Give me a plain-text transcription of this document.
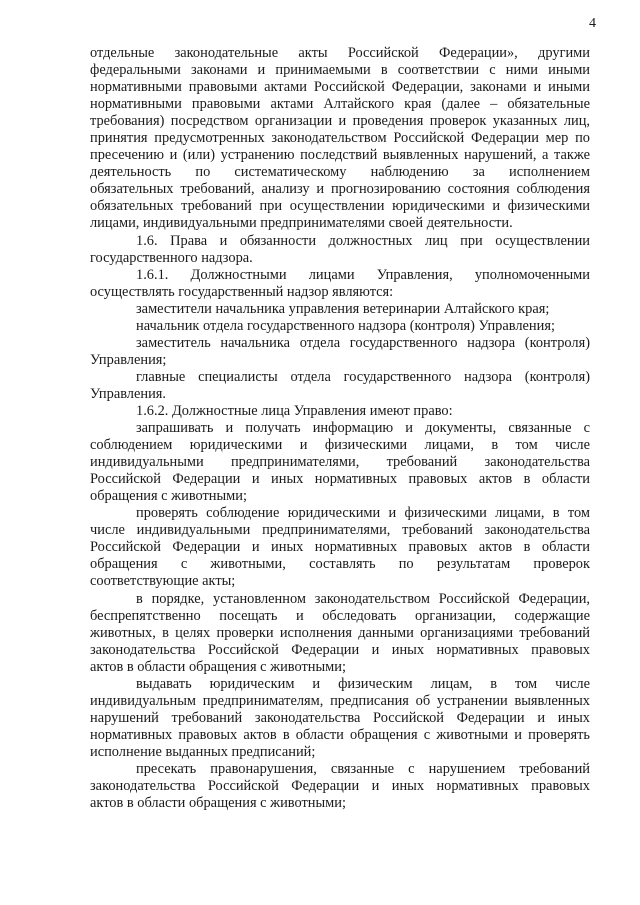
4
отдельные законодательные акты Российской Федерации», другими
федеральными законами и принимаемыми в соответствии с ними иными
нормативными правовыми актами Российской Федерации, законами и иными
нормативными правовыми актами Алтайского края (далее – обязательные
требования) посредством организации и проведения проверок указанных лиц,
принятия предусмотренных законодательством Российской Федерации мер по
пресечению и (или) устранению последствий выявленных нарушений, а также
деятельность по систематическому наблюдению за исполнением
обязательных требований, анализу и прогнозированию состояния соблюдения
обязательных требований при осуществлении юридическими и физическими
лицами, индивидуальными предпринимателями своей деятельности.
1.6. Права и обязанности должностных лиц при осуществлении
государственного надзора.
1.6.1. Должностными лицами Управления, уполномоченными
осуществлять государственный надзор являются:
заместители начальника управления ветеринарии Алтайского края;
начальник отдела государственного надзора (контроля) Управления;
заместитель начальника отдела государственного надзора (контроля)
Управления;
главные специалисты отдела государственного надзора (контроля)
Управления.
1.6.2. Должностные лица Управления имеют право:
запрашивать и получать информацию и документы, связанные с
соблюдением юридическими и физическими лицами, в том числе
индивидуальными предпринимателями, требований законодательства
Российской Федерации и иных нормативных правовых актов в области
обращения с животными;
проверять соблюдение юридическими и физическими лицами, в том
числе индивидуальными предпринимателями, требований законодательства
Российской Федерации и иных нормативных правовых актов в области
обращения с животными, составлять по результатам проверок
соответствующие акты;
в порядке, установленном законодательством Российской Федерации,
беспрепятственно посещать и обследовать организации, содержащие
животных, в целях проверки исполнения данными организациями требований
законодательства Российской Федерации и иных нормативных правовых
актов в области обращения с животными;
выдавать юридическим и физическим лицам, в том числе
индивидуальным предпринимателям, предписания об устранении выявленных
нарушений требований законодательства Российской Федерации и иных
нормативных правовых актов в области обращения с животными и проверять
исполнение выданных предписаний;
пресекать правонарушения, связанные с нарушением требований
законодательства Российской Федерации и иных нормативных правовых
актов в области обращения с животными;
